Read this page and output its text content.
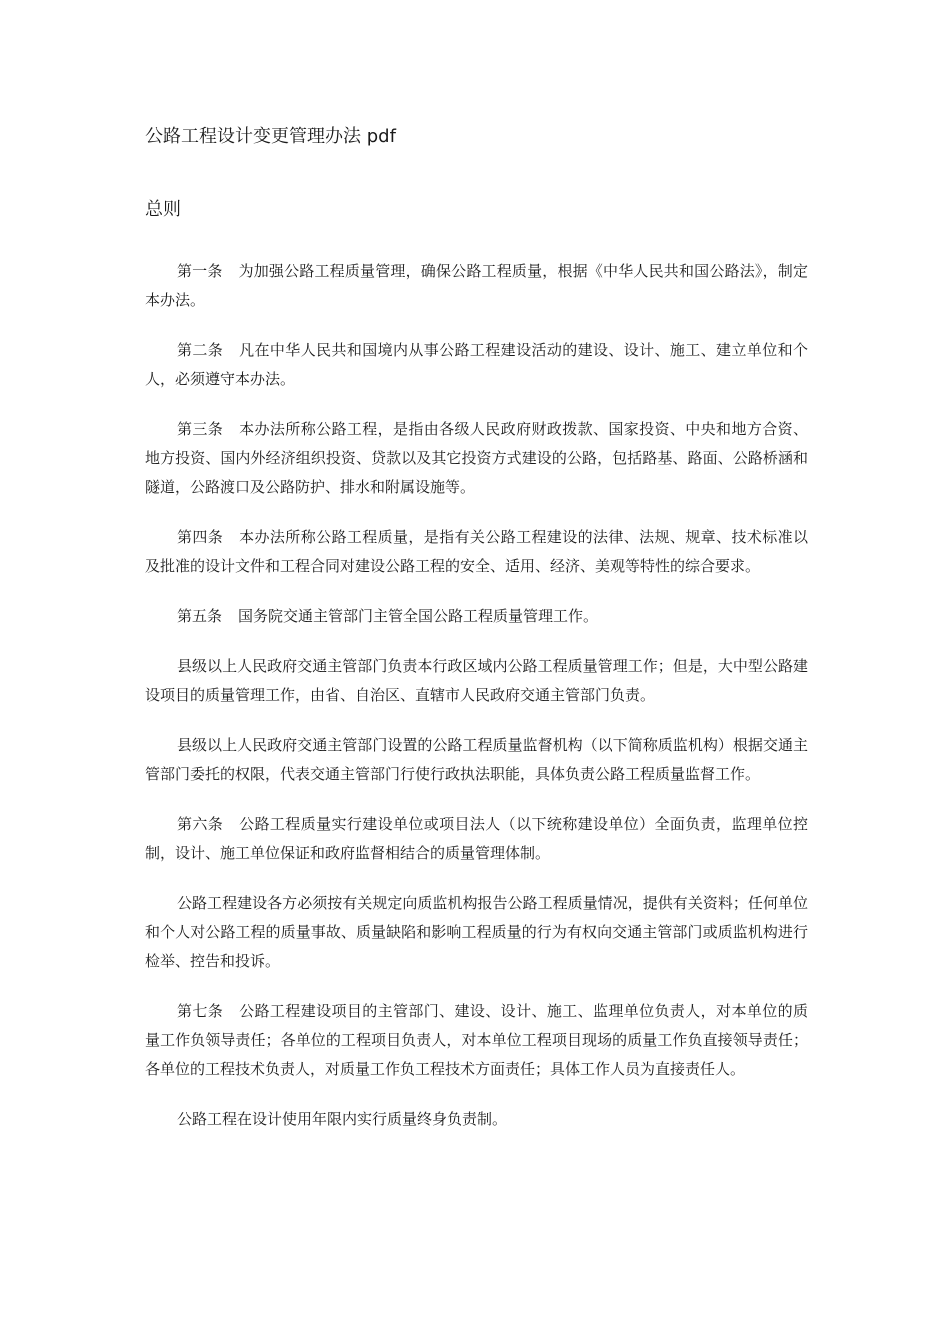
公路工程设计变更管理办法 pdf
总则

第一条 为加强公路工程质量管理，确保公路工程质量，根据《中华人民共和国公路法》，制定本办法。

第二条 凡在中华人民共和国境内从事公路工程建设活动的建设、设计、施工、建立单位和个人，必须遵守本办法。

第三条 本办法所称公路工程，是指由各级人民政府财政拨款、国家投资、中央和地方合资、地方投资、国内外经济组织投资、贷款以及其它投资方式建设的公路，包括路基、路面、公路桥涵和隧道，公路渡口及公路防护、排水和附属设施等。

第四条 本办法所称公路工程质量，是指有关公路工程建设的法律、法规、规章、技术标准以及批准的设计文件和工程合同对建设公路工程的安全、适用、经济、美观等特性的综合要求。

第五条 国务院交通主管部门主管全国公路工程质量管理工作。

县级以上人民政府交通主管部门负责本行政区域内公路工程质量管理工作；但是，大中型公路建设项目的质量管理工作，由省、自治区、直辖市人民政府交通主管部门负责。

县级以上人民政府交通主管部门设置的公路工程质量监督机构（以下简称质监机构）根据交通主管部门委托的权限，代表交通主管部门行使行政执法职能，具体负责公路工程质量监督工作。

第六条 公路工程质量实行建设单位或项目法人（以下统称建设单位）全面负责，监理单位控制，设计、施工单位保证和政府监督相结合的质量管理体制。

公路工程建设各方必须按有关规定向质监机构报告公路工程质量情况，提供有关资料；任何单位和个人对公路工程的质量事故、质量缺陷和影响工程质量的行为有权向交通主管部门或质监机构进行检举、控告和投诉。

第七条 公路工程建设项目的主管部门、建设、设计、施工、监理单位负责人，对本单位的质量工作负领导责任；各单位的工程项目负责人，对本单位工程项目现场的质量工作负直接领导责任；各单位的工程技术负责人，对质量工作负工程技术方面责任；具体工作人员为直接责任人。

公路工程在设计使用年限内实行质量终身负责制。
